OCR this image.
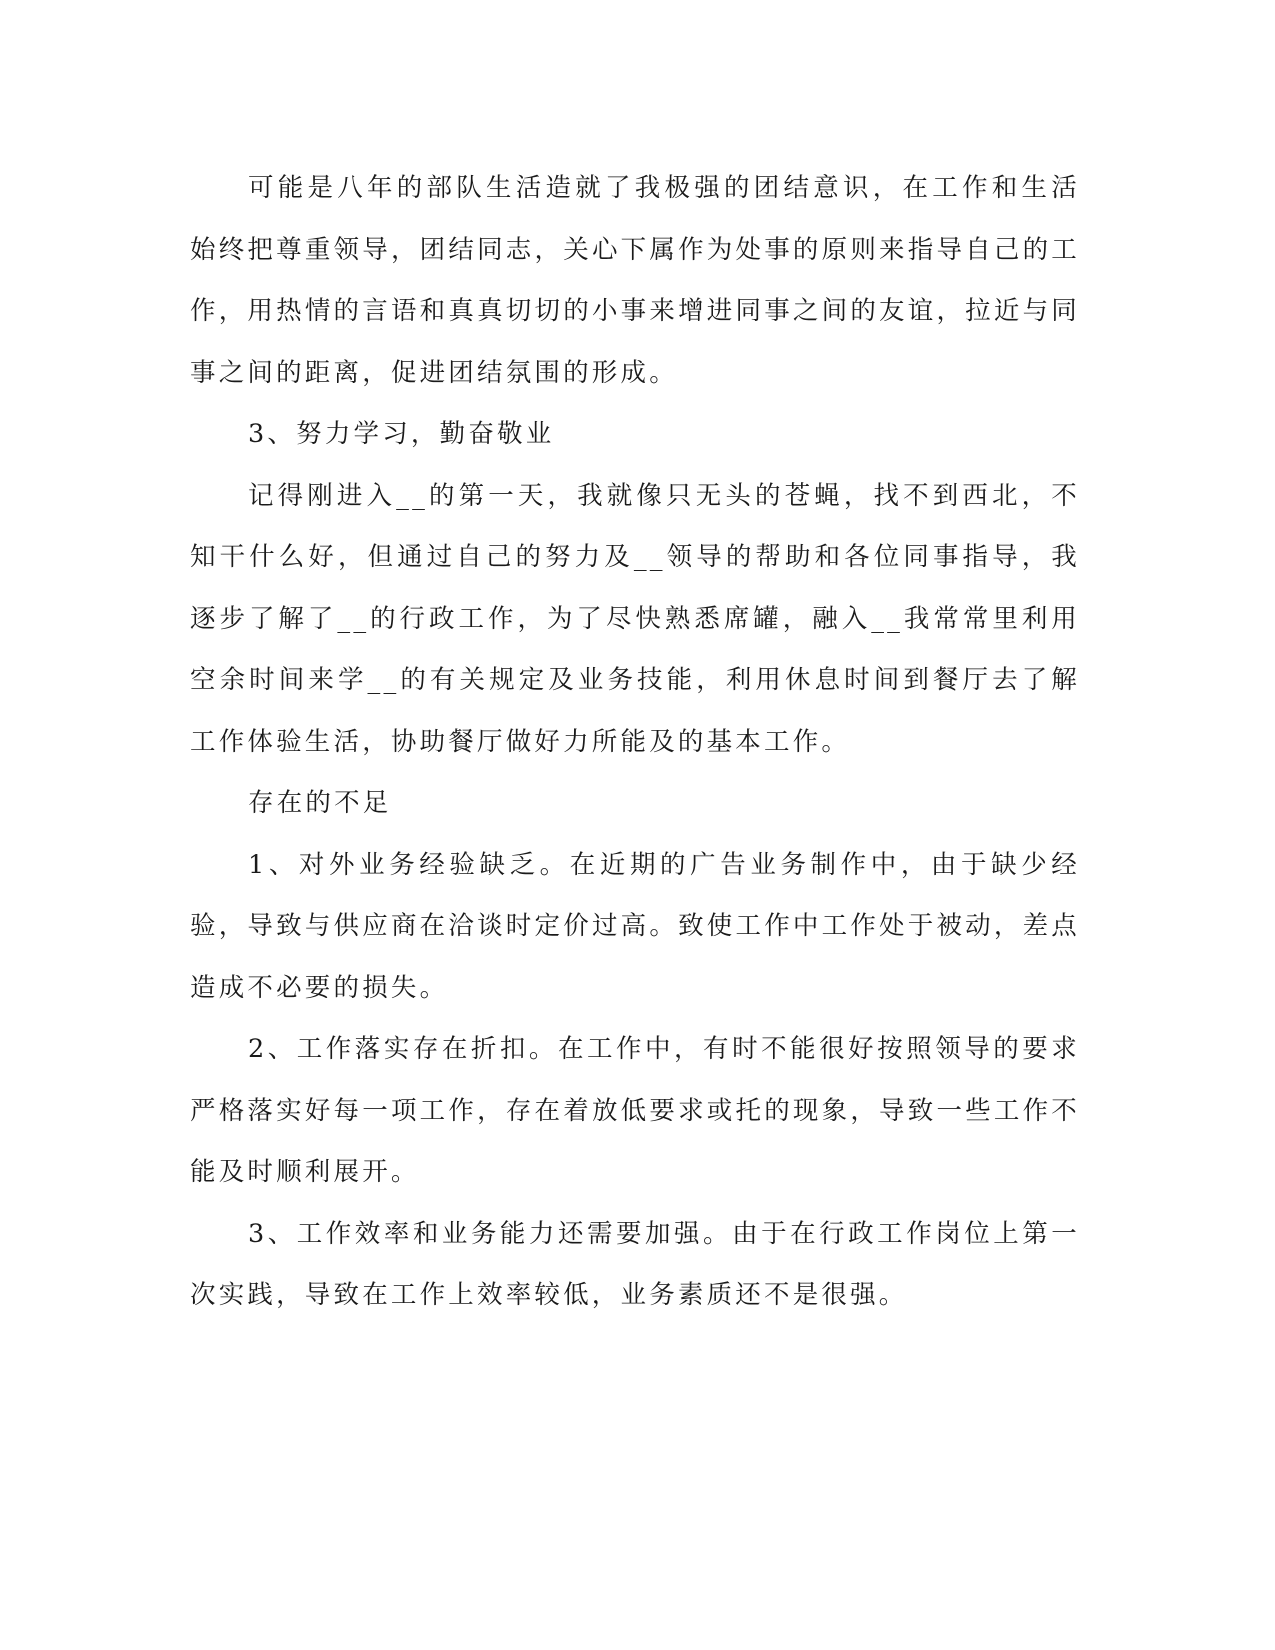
可能是八年的部队生活造就了我极强的团结意识，在工作和生活始终把尊重领导，团结同志，关心下属作为处事的原则来指导自己的工作，用热情的言语和真真切切的小事来增进同事之间的友谊，拉近与同事之间的距离，促进团结氛围的形成。

3、努力学习，勤奋敬业

记得刚进入__的第一天，我就像只无头的苍蝇，找不到西北，不知干什么好，但通过自己的努力及__领导的帮助和各位同事指导，我逐步了解了__的行政工作，为了尽快熟悉席罐，融入__我常常里利用空余时间来学__的有关规定及业务技能，利用休息时间到餐厅去了解工作体验生活，协助餐厅做好力所能及的基本工作。

存在的不足

1、对外业务经验缺乏。在近期的广告业务制作中，由于缺少经验，导致与供应商在洽谈时定价过高。致使工作中工作处于被动，差点造成不必要的损失。

2、工作落实存在折扣。在工作中，有时不能很好按照领导的要求严格落实好每一项工作，存在着放低要求或托的现象，导致一些工作不能及时顺利展开。

3、工作效率和业务能力还需要加强。由于在行政工作岗位上第一次实践，导致在工作上效率较低，业务素质还不是很强。
